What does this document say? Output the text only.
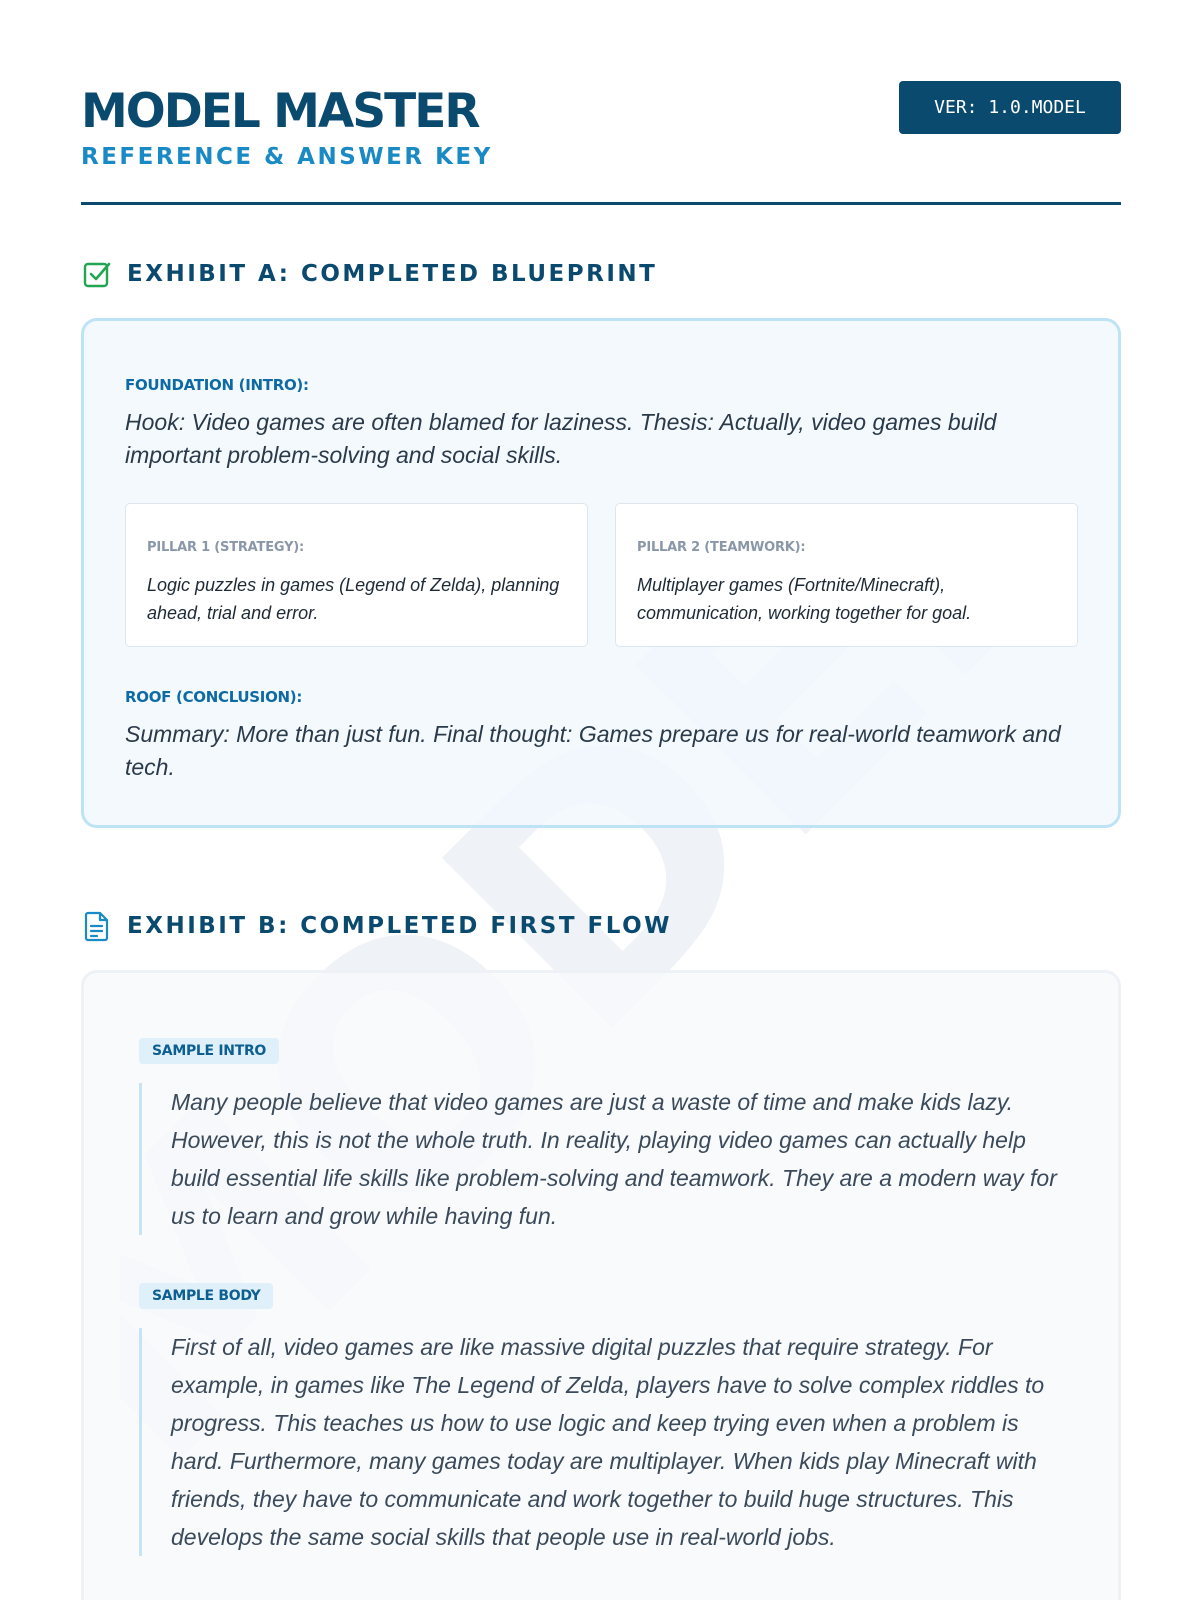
MODEL MASTER
REFERENCE & ANSWER KEY
VER: 1.0.MODEL
EXHIBIT A: COMPLETED BLUEPRINT
FOUNDATION (INTRO):
Hook: Video games are often blamed for laziness. Thesis: Actually, video games build important problem-solving and social skills.
PILLAR 1 (STRATEGY):
Logic puzzles in games (Legend of Zelda), planning ahead, trial and error.
PILLAR 2 (TEAMWORK):
Multiplayer games (Fortnite/Minecraft), communication, working together for goal.
ROOF (CONCLUSION):
Summary: More than just fun. Final thought: Games prepare us for real-world teamwork and tech.
EXHIBIT B: COMPLETED FIRST FLOW
SAMPLE INTRO
Many people believe that video games are just a waste of time and make kids lazy. However, this is not the whole truth. In reality, playing video games can actually help build essential life skills like problem-solving and teamwork. They are a modern way for us to learn and grow while having fun.
SAMPLE BODY
First of all, video games are like massive digital puzzles that require strategy. For example, in games like The Legend of Zelda, players have to solve complex riddles to progress. This teaches us how to use logic and keep trying even when a problem is hard. Furthermore, many games today are multiplayer. When kids play Minecraft with friends, they have to communicate and work together to build huge structures. This develops the same social skills that people use in real-world jobs.
